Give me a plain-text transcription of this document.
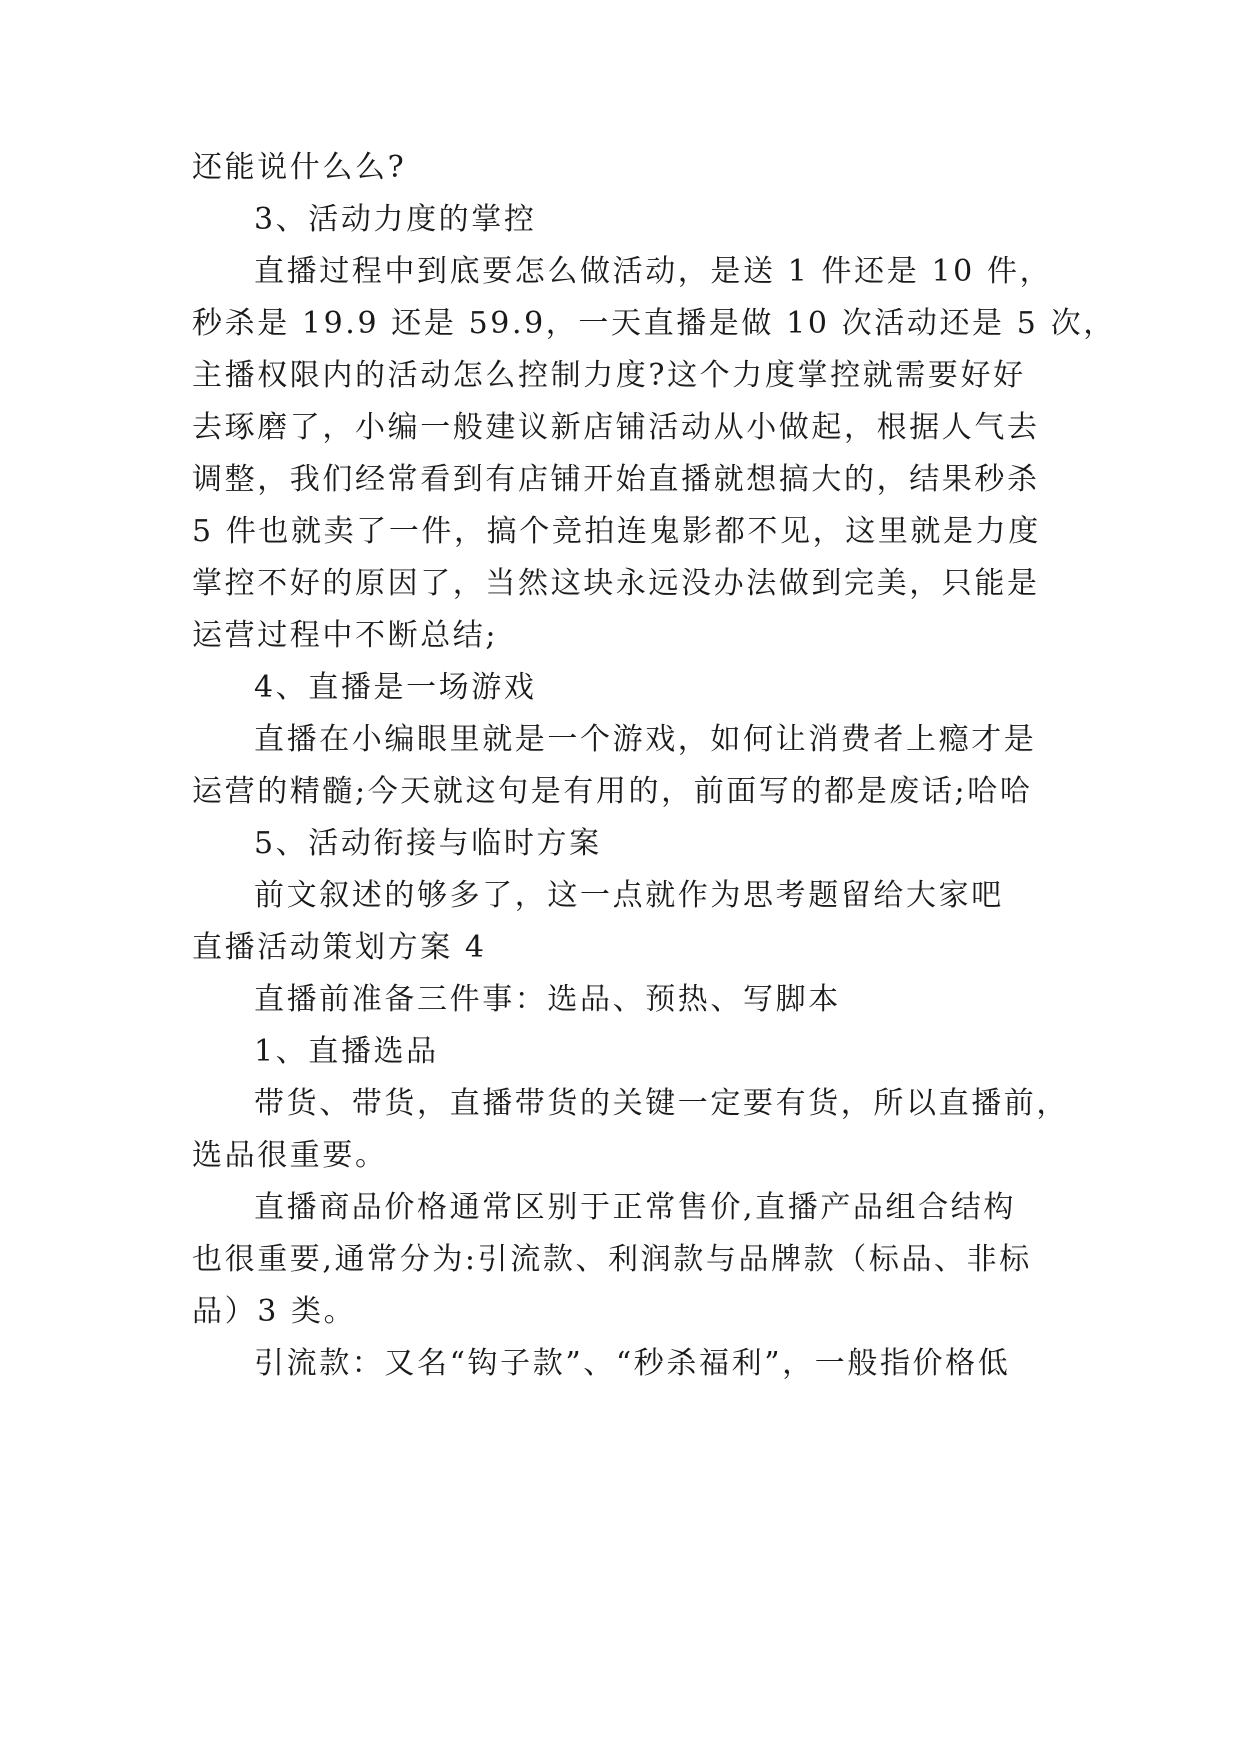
还能说什么么?
3、活动力度的掌控
直播过程中到底要怎么做活动，是送 1 件还是 10 件，
秒杀是 19.9 还是 59.9，一天直播是做 10 次活动还是 5 次，
主播权限内的活动怎么控制力度?这个力度掌控就需要好好
去琢磨了，小编一般建议新店铺活动从小做起，根据人气去
调整，我们经常看到有店铺开始直播就想搞大的，结果秒杀
5 件也就卖了一件，搞个竞拍连鬼影都不见，这里就是力度
掌控不好的原因了，当然这块永远没办法做到完美，只能是
运营过程中不断总结;
4、直播是一场游戏
直播在小编眼里就是一个游戏，如何让消费者上瘾才是
运营的精髓;今天就这句是有用的，前面写的都是废话;哈哈
5、活动衔接与临时方案
前文叙述的够多了，这一点就作为思考题留给大家吧
直播活动策划方案 4
直播前准备三件事：选品、预热、写脚本
1、直播选品
带货、带货，直播带货的关键一定要有货，所以直播前，
选品很重要。
直播商品价格通常区别于正常售价,直播产品组合结构
也很重要,通常分为:引流款、利润款与品牌款（标品、非标
品）3 类。
引流款：又名“钩子款”、“秒杀福利”，一般指价格低
